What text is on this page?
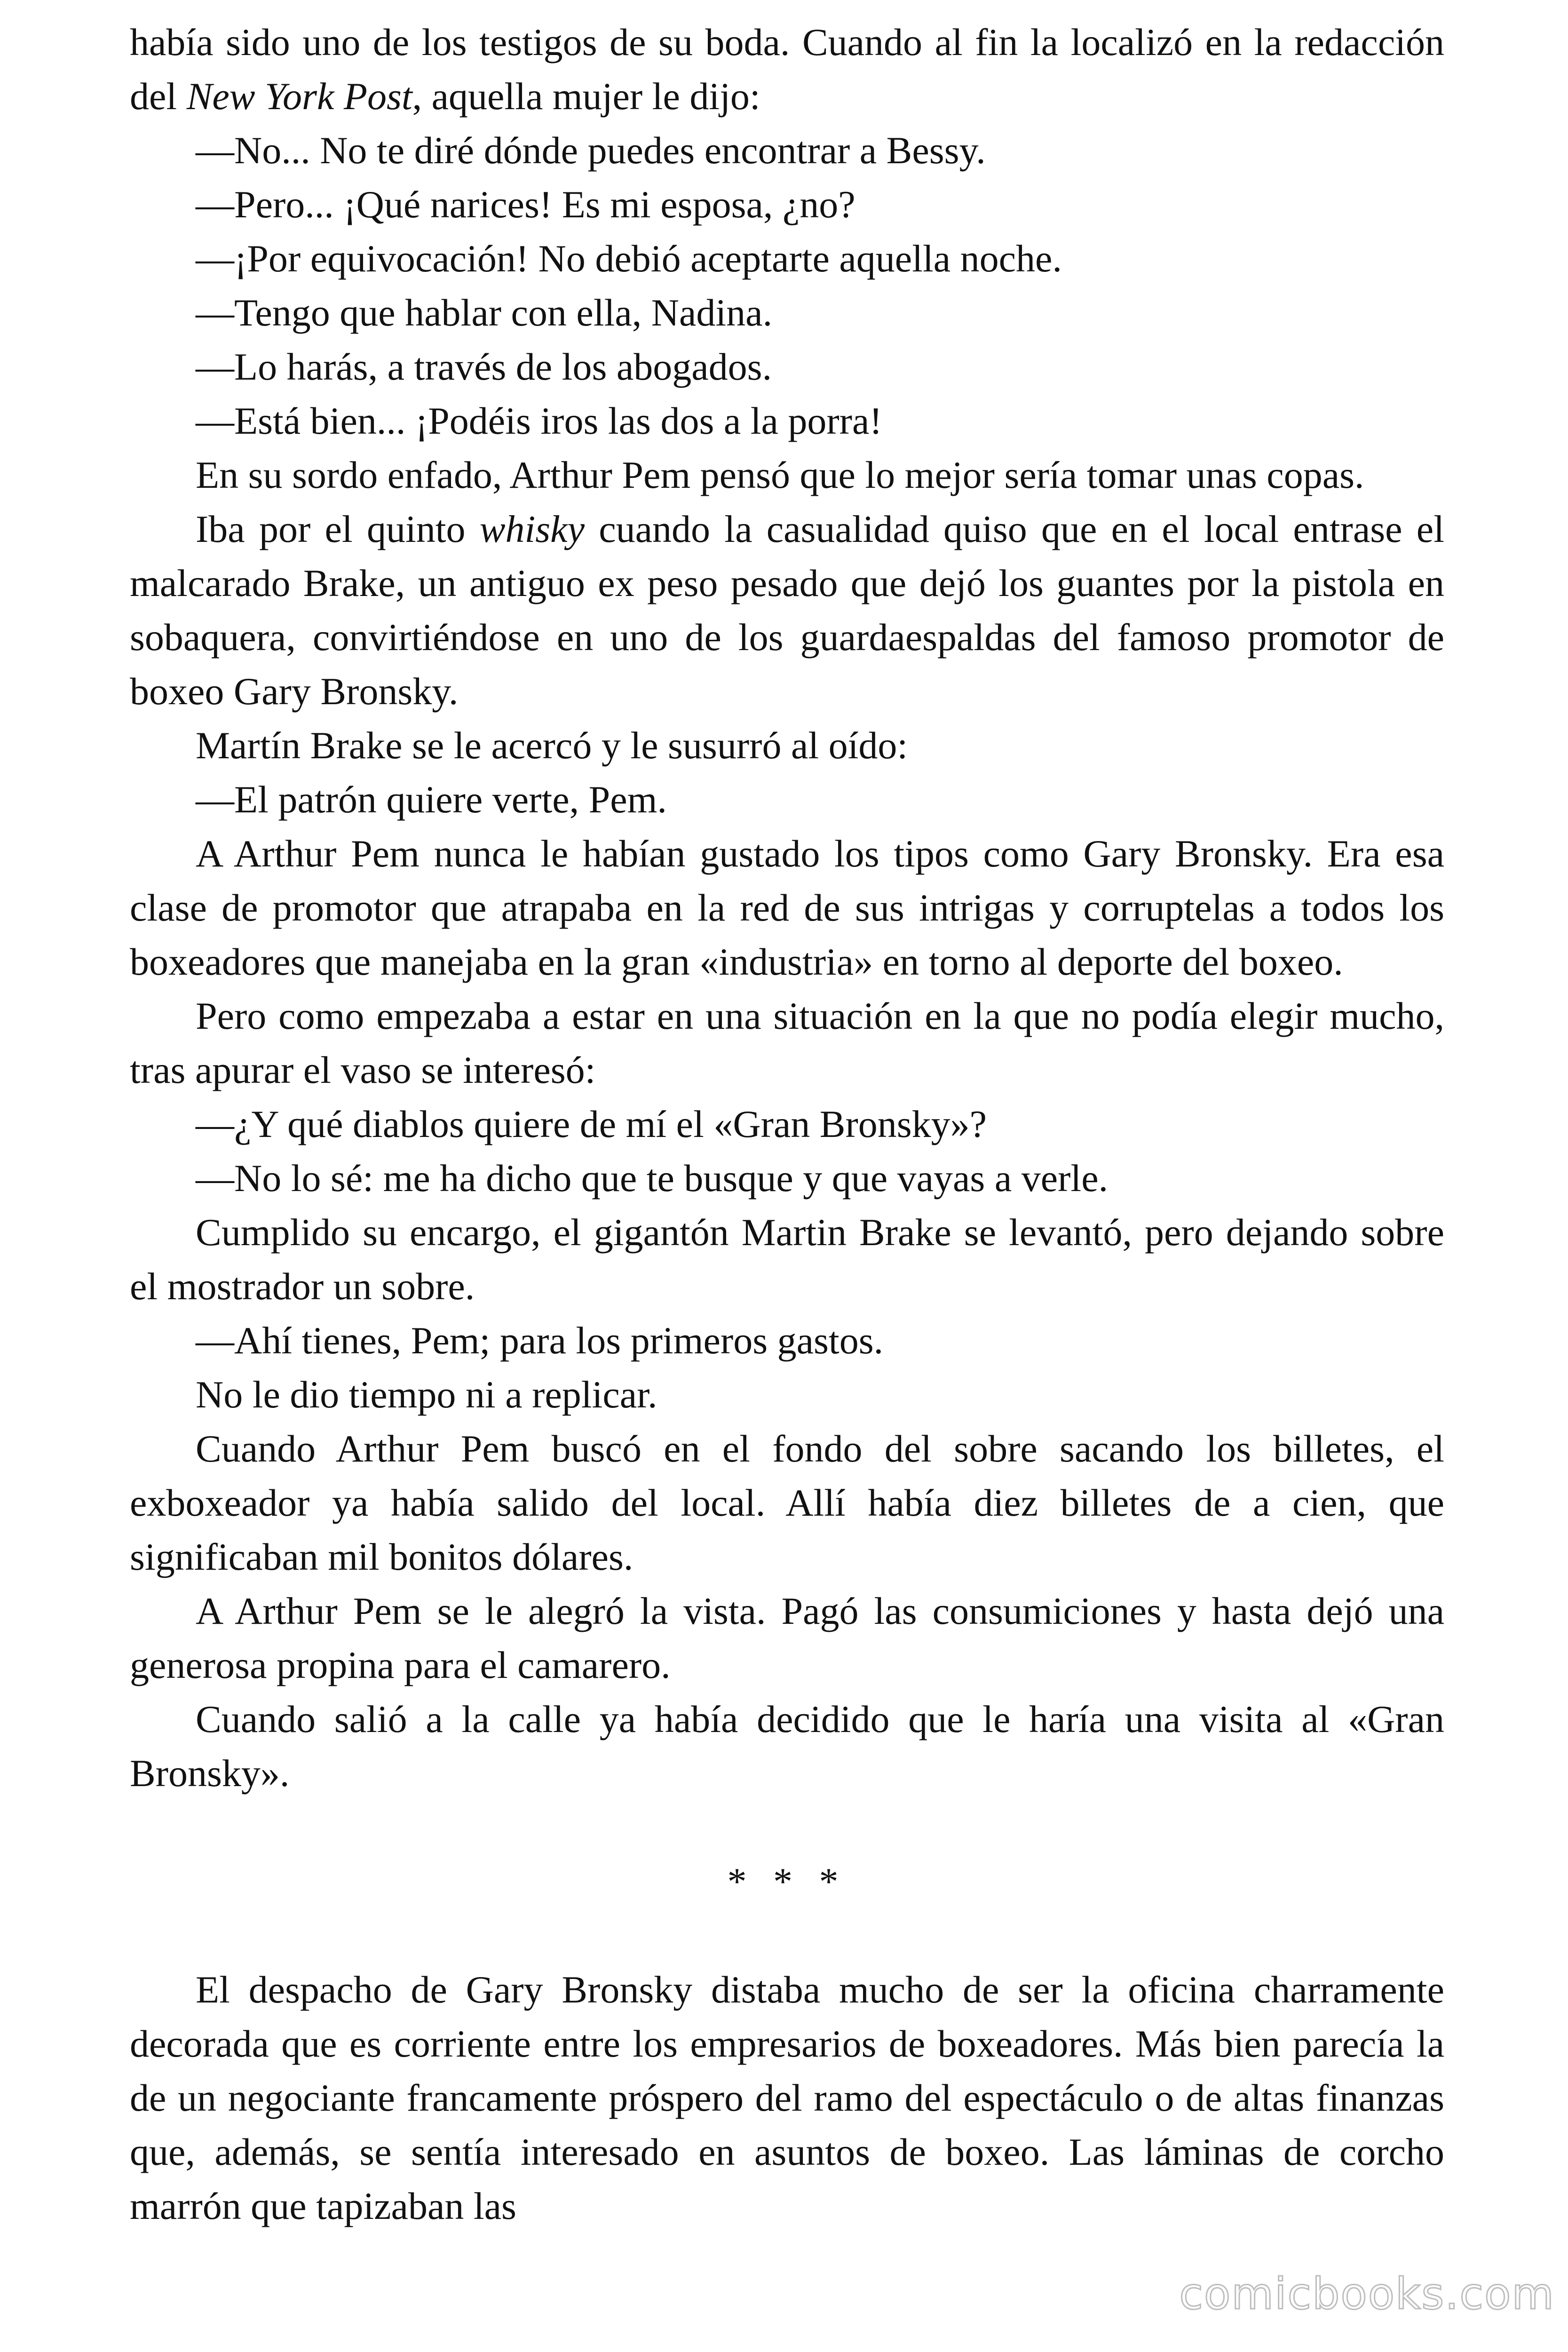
había sido uno de los testigos de su boda. Cuando al fin la localizó en la redacción del New York Post, aquella mujer le dijo:

—No... No te diré dónde puedes encontrar a Bessy.

—Pero... ¡Qué narices! Es mi esposa, ¿no?

—¡Por equivocación! No debió aceptarte aquella noche.

—Tengo que hablar con ella, Nadina.

—Lo harás, a través de los abogados.

—Está bien... ¡Podéis iros las dos a la porra!

En su sordo enfado, Arthur Pem pensó que lo mejor sería tomar unas copas.

Iba por el quinto whisky cuando la casualidad quiso que en el local entrase el malcarado Brake, un antiguo ex peso pesado que dejó los guantes por la pistola en sobaquera, convirtiéndose en uno de los guardaespaldas del famoso promotor de boxeo Gary Bronsky.

Martín Brake se le acercó y le susurró al oído:

—El patrón quiere verte, Pem.

A Arthur Pem nunca le habían gustado los tipos como Gary Bronsky. Era esa clase de promotor que atrapaba en la red de sus intrigas y corruptelas a todos los boxeadores que manejaba en la gran «industria» en torno al deporte del boxeo.

Pero como empezaba a estar en una situación en la que no podía elegir mucho, tras apurar el vaso se interesó:

—¿Y qué diablos quiere de mí el «Gran Bronsky»?

—No lo sé: me ha dicho que te busque y que vayas a verle.

Cumplido su encargo, el gigantón Martin Brake se levantó, pero dejando sobre el mostrador un sobre.

—Ahí tienes, Pem; para los primeros gastos.

No le dio tiempo ni a replicar.

Cuando Arthur Pem buscó en el fondo del sobre sacando los billetes, el exboxeador ya había salido del local. Allí había diez billetes de a cien, que significaban mil bonitos dólares.

A Arthur Pem se le alegró la vista. Pagó las consumiciones y hasta dejó una generosa propina para el camarero.

Cuando salió a la calle ya había decidido que le haría una visita al «Gran Bronsky».

* * *

El despacho de Gary Bronsky distaba mucho de ser la oficina charramente decorada que es corriente entre los empresarios de boxeadores. Más bien parecía la de un negociante francamente próspero del ramo del espectáculo o de altas finanzas que, además, se sentía interesado en asuntos de boxeo. Las láminas de corcho marrón que tapizaban las

comicbooks.com
